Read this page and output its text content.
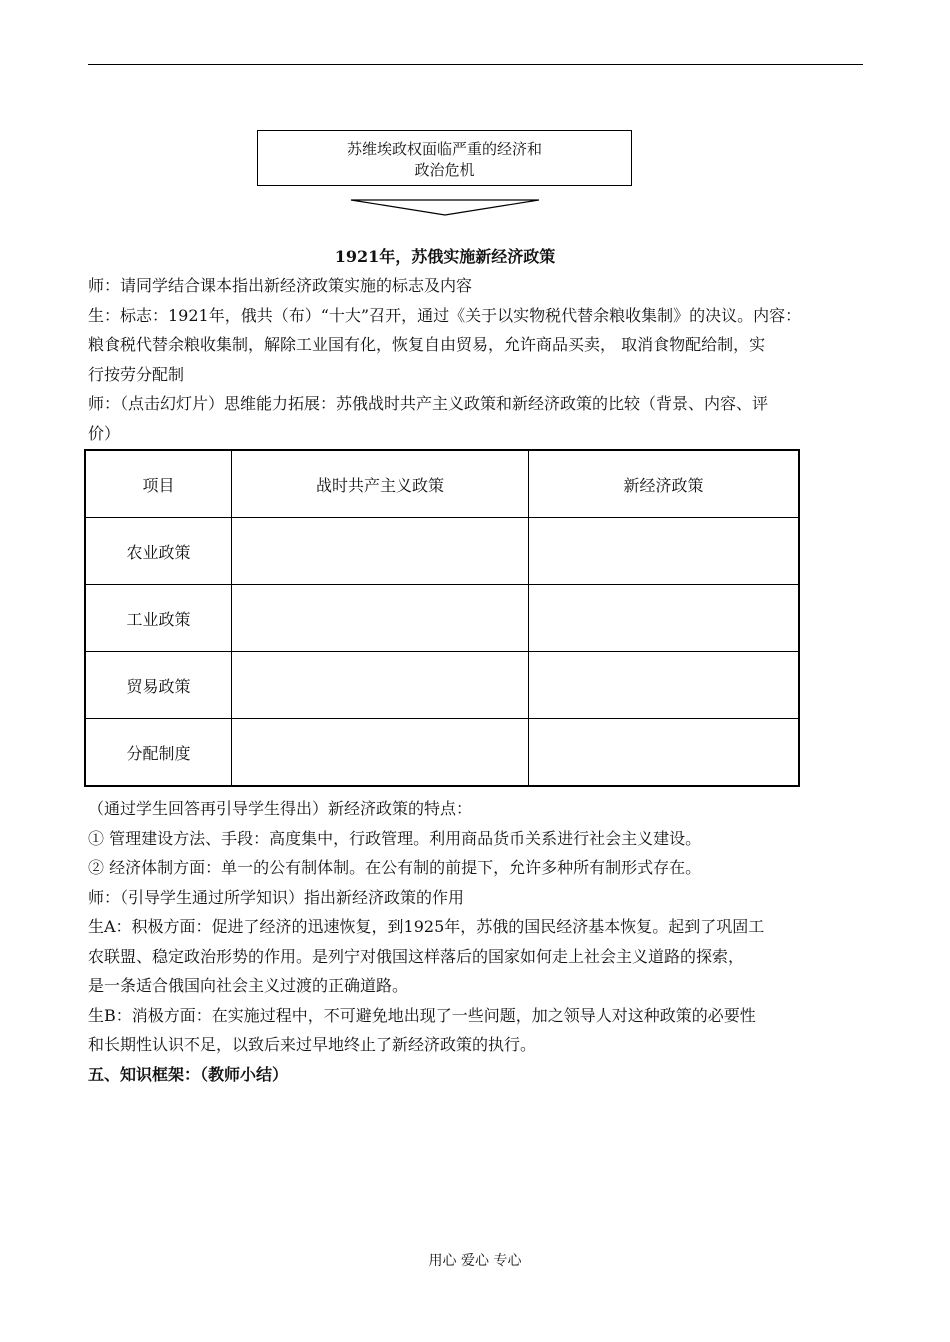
苏维埃政权面临严重的经济和
政治危机
1921年，苏俄实施新经济政策

师：请同学结合课本指出新经济政策实施的标志及内容

生：标志：1921年，俄共（布）“十大”召开，通过《关于以实物税代替余粮收集制》的决议。内容：

粮食税代替余粮收集制，解除工业国有化，恢复自由贸易，允许商品买卖， 取消食物配给制，实

行按劳分配制

师：（点击幻灯片）思维能力拓展：苏俄战时共产主义政策和新经济政策的比较（背景、内容、评

价）

项目	战时共产主义政策	新经济政策
农业政策		
工业政策		
贸易政策		
分配制度		

（通过学生回答再引导学生得出）新经济政策的特点：

① 管理建设方法、手段：高度集中，行政管理。利用商品货币关系进行社会主义建设。

② 经济体制方面：单一的公有制体制。在公有制的前提下，允许多种所有制形式存在。

师：（引导学生通过所学知识）指出新经济政策的作用

生A：积极方面：促进了经济的迅速恢复，到1925年，苏俄的国民经济基本恢复。起到了巩固工

农联盟、稳定政治形势的作用。是列宁对俄国这样落后的国家如何走上社会主义道路的探索，

是一条适合俄国向社会主义过渡的正确道路。

生B：消极方面：在实施过程中，不可避免地出现了一些问题，加之领导人对这种政策的必要性

和长期性认识不足，以致后来过早地终止了新经济政策的执行。

五、知识框架：（教师小结）

用心 爱心 专心
